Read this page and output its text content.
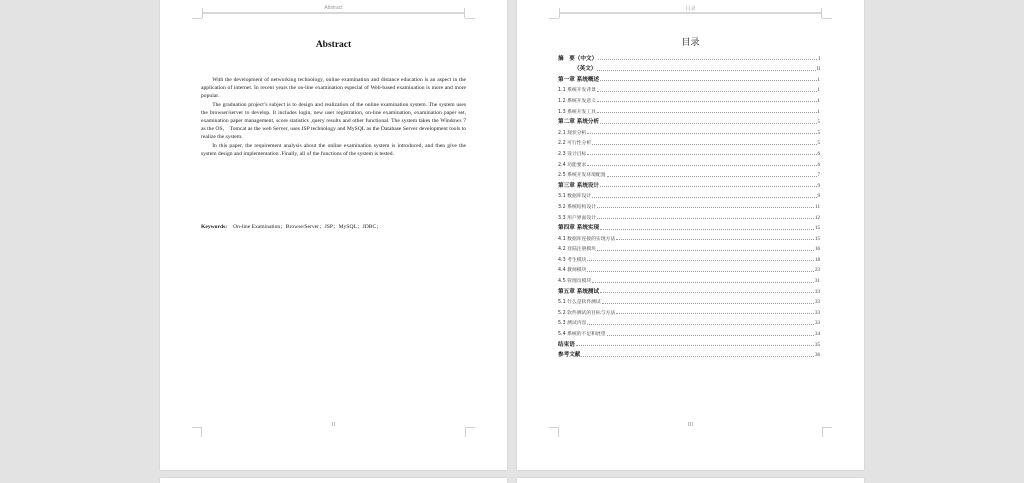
Abstract
Abstract

With the development of networking technology, online examination and distance education is an aspect in the application of internet. In recent years the on-line examination especial of Web-based examination is more and more popular.

The graduation project’s subject is to design and realization of the online examination system. The system uses the browser/server to develop. It includes login, new user registration, on-line examination, examination paper set, examination paper management, score statistics ,query results and other functional. The system takes the Windows 7 as the OS， Tomcat as the web Server, uses JSP technology and MySQL as the Database Server development tools to realize the system.

In this paper, the requirement analysis about the online examination system is introduced, and then give the system design and implementation .Finally, all of the functions of the system is tested.

Keywords: On-line Examination；Browse/Server；JSP；MySQL；JDBC；
II
目录
目录
摘　要（中文）	I
（英文）	II
第一章 系统概述	1
1.1 系统开发背景	1
1.2 系统开发意义	1
1.3 系统开发工具	1
第二章 系统分析	5
2.1 现状分析	5
2.2 可行性分析	5
2.3 设计目标	6
2.4 功能要求	6
2.5 系统开发环境配置	7
第三章 系统设计	9
3.1 数据库设计	9
3.2 系统结构设计	11
3.3 用户界面设计	12
第四章 系统实现	15
4.1 数据库连接的实现方法	15
4.2 登陆注册模块	16
4.3 考生模块	18
4.4 教师模块	23
4.5 管理员模块	31
第五章 系统测试	33
5.1 什么是软件测试	33
5.2 软件测试的目标与方法	33
5.3 测试内容	33
5.4 系统的不足和展望	34
结束语	35
参考文献	36
III
